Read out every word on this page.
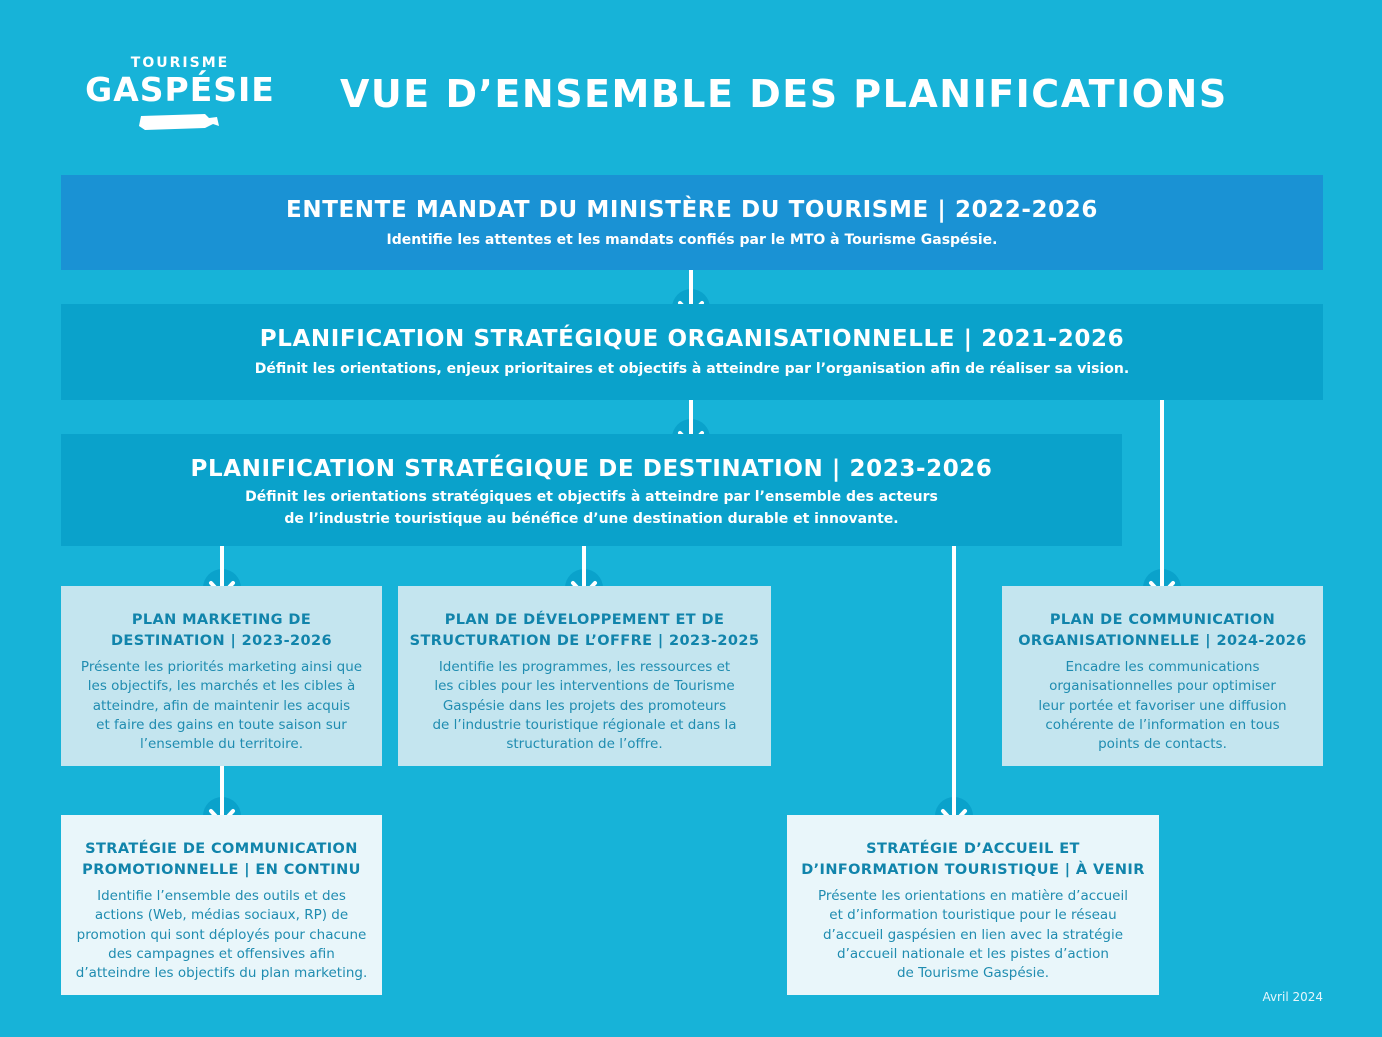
TOURISME
GASPÉSIE VUE D’ENSEMBLE DES PLANIFICATIONS
ENTENTE MANDAT DU MINISTÈRE DU TOURISME | 2022-2026
Identifie les attentes et les mandats confiés par le MTO à Tourisme Gaspésie.
PLANIFICATION STRATÉGIQUE ORGANISATIONNELLE | 2021-2026
Définit les orientations, enjeux prioritaires et objectifs à atteindre par l’organisation afin de réaliser sa vision.
PLANIFICATION STRATÉGIQUE DE DESTINATION | 2023-2026
Définit les orientations stratégiques et objectifs à atteindre par l’ensemble des acteurs
de l’industrie touristique au bénéfice d’une destination durable et innovante.
PLAN MARKETING DE
DESTINATION | 2023-2026
Présente les priorités marketing ainsi que
les objectifs, les marchés et les cibles à
atteindre, afin de maintenir les acquis
et faire des gains en toute saison sur
l’ensemble du territoire.
PLAN DE DÉVELOPPEMENT ET DE
STRUCTURATION DE L’OFFRE | 2023-2025
Identifie les programmes, les ressources et
les cibles pour les interventions de Tourisme
Gaspésie dans les projets des promoteurs
de l’industrie touristique régionale et dans la
structuration de l’offre.
PLAN DE COMMUNICATION
ORGANISATIONNELLE | 2024-2026
Encadre les communications
organisationnelles pour optimiser
leur portée et favoriser une diffusion
cohérente de l’information en tous
points de contacts.
STRATÉGIE DE COMMUNICATION
PROMOTIONNELLE | EN CONTINU
Identifie l’ensemble des outils et des
actions (Web, médias sociaux, RP) de
promotion qui sont déployés pour chacune
des campagnes et offensives afin
d’atteindre les objectifs du plan marketing.
STRATÉGIE D’ACCUEIL ET
D’INFORMATION TOURISTIQUE | À VENIR
Présente les orientations en matière d’accueil
et d’information touristique pour le réseau
d’accueil gaspésien en lien avec la stratégie
d’accueil nationale et les pistes d’action
de Tourisme Gaspésie.
Avril 2024
